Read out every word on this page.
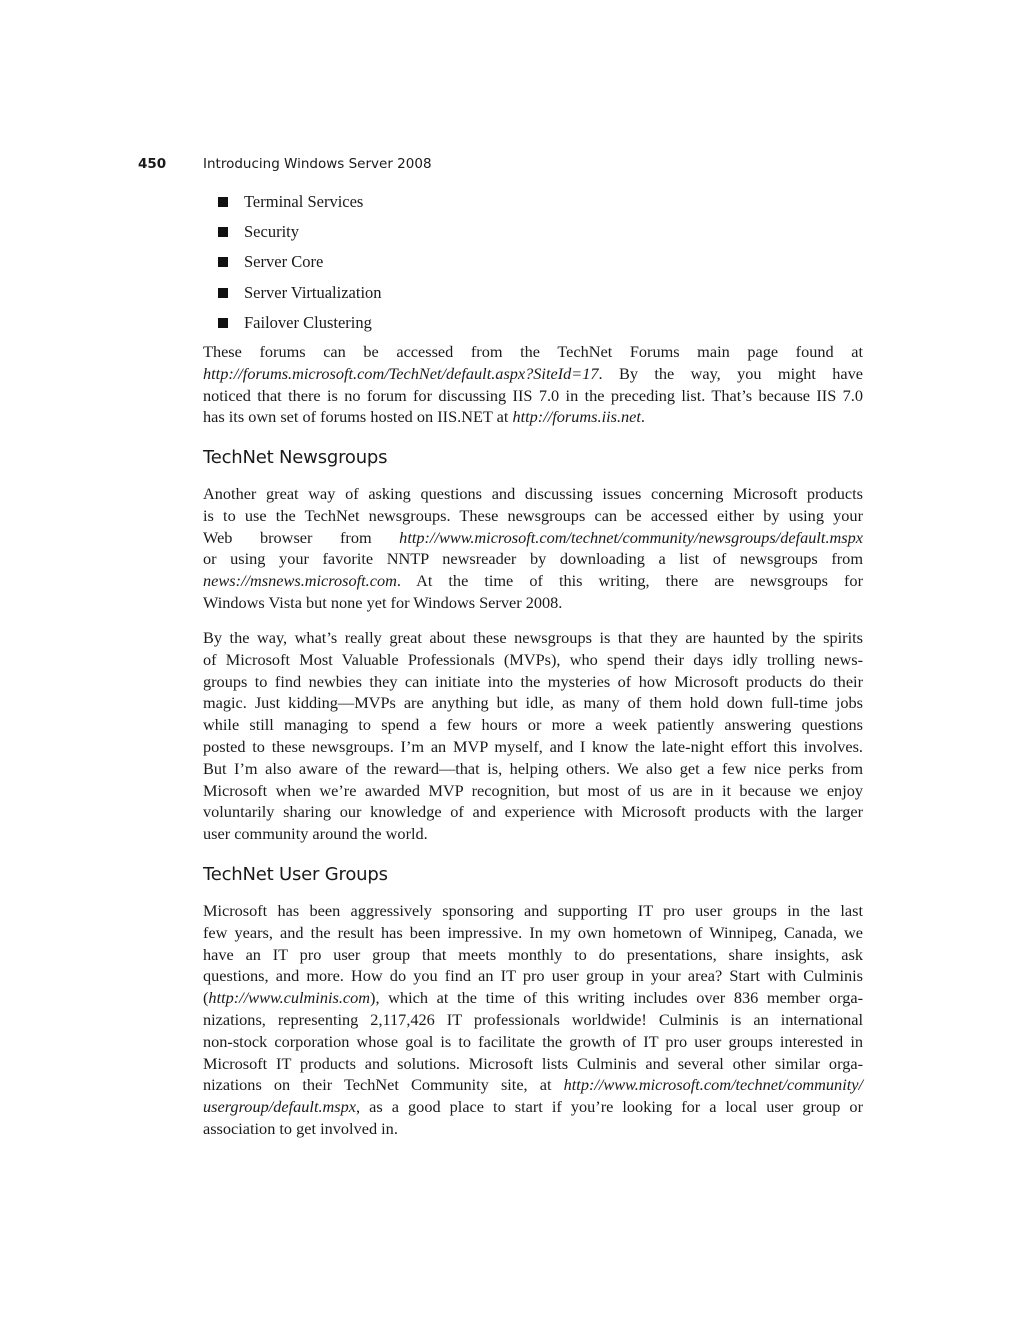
450	Introducing Windows Server 2008
Terminal Services
Security
Server Core
Server Virtualization
Failover Clustering
These forums can be accessed from the TechNet Forums main page found at
http://forums.microsoft.com/TechNet/default.aspx?SiteId=17. By the way, you might have
noticed that there is no forum for discussing IIS 7.0 in the preceding list. That’s because IIS 7.0
has its own set of forums hosted on IIS.NET at http://forums.iis.net.
TechNet Newsgroups
Another great way of asking questions and discussing issues concerning Microsoft products
is to use the TechNet newsgroups. These newsgroups can be accessed either by using your
Web browser from http://www.microsoft.com/technet/community/newsgroups/default.mspx
or using your favorite NNTP newsreader by downloading a list of newsgroups from
news://msnews.microsoft.com. At the time of this writing, there are newsgroups for
Windows Vista but none yet for Windows Server 2008.
By the way, what’s really great about these newsgroups is that they are haunted by the spirits
of Microsoft Most Valuable Professionals (MVPs), who spend their days idly trolling news-
groups to find newbies they can initiate into the mysteries of how Microsoft products do their
magic. Just kidding—MVPs are anything but idle, as many of them hold down full-time jobs
while still managing to spend a few hours or more a week patiently answering questions
posted to these newsgroups. I’m an MVP myself, and I know the late-night effort this involves.
But I’m also aware of the reward—that is, helping others. We also get a few nice perks from
Microsoft when we’re awarded MVP recognition, but most of us are in it because we enjoy
voluntarily sharing our knowledge of and experience with Microsoft products with the larger
user community around the world.
TechNet User Groups
Microsoft has been aggressively sponsoring and supporting IT pro user groups in the last
few years, and the result has been impressive. In my own hometown of Winnipeg, Canada, we
have an IT pro user group that meets monthly to do presentations, share insights, ask
questions, and more. How do you find an IT pro user group in your area? Start with Culminis
(http://www.culminis.com), which at the time of this writing includes over 836 member orga-
nizations, representing 2,117,426 IT professionals worldwide! Culminis is an international
non-stock corporation whose goal is to facilitate the growth of IT pro user groups interested in
Microsoft IT products and solutions. Microsoft lists Culminis and several other similar orga-
nizations on their TechNet Community site, at http://www.microsoft.com/technet/community/
usergroup/default.mspx, as a good place to start if you’re looking for a local user group or
association to get involved in.
